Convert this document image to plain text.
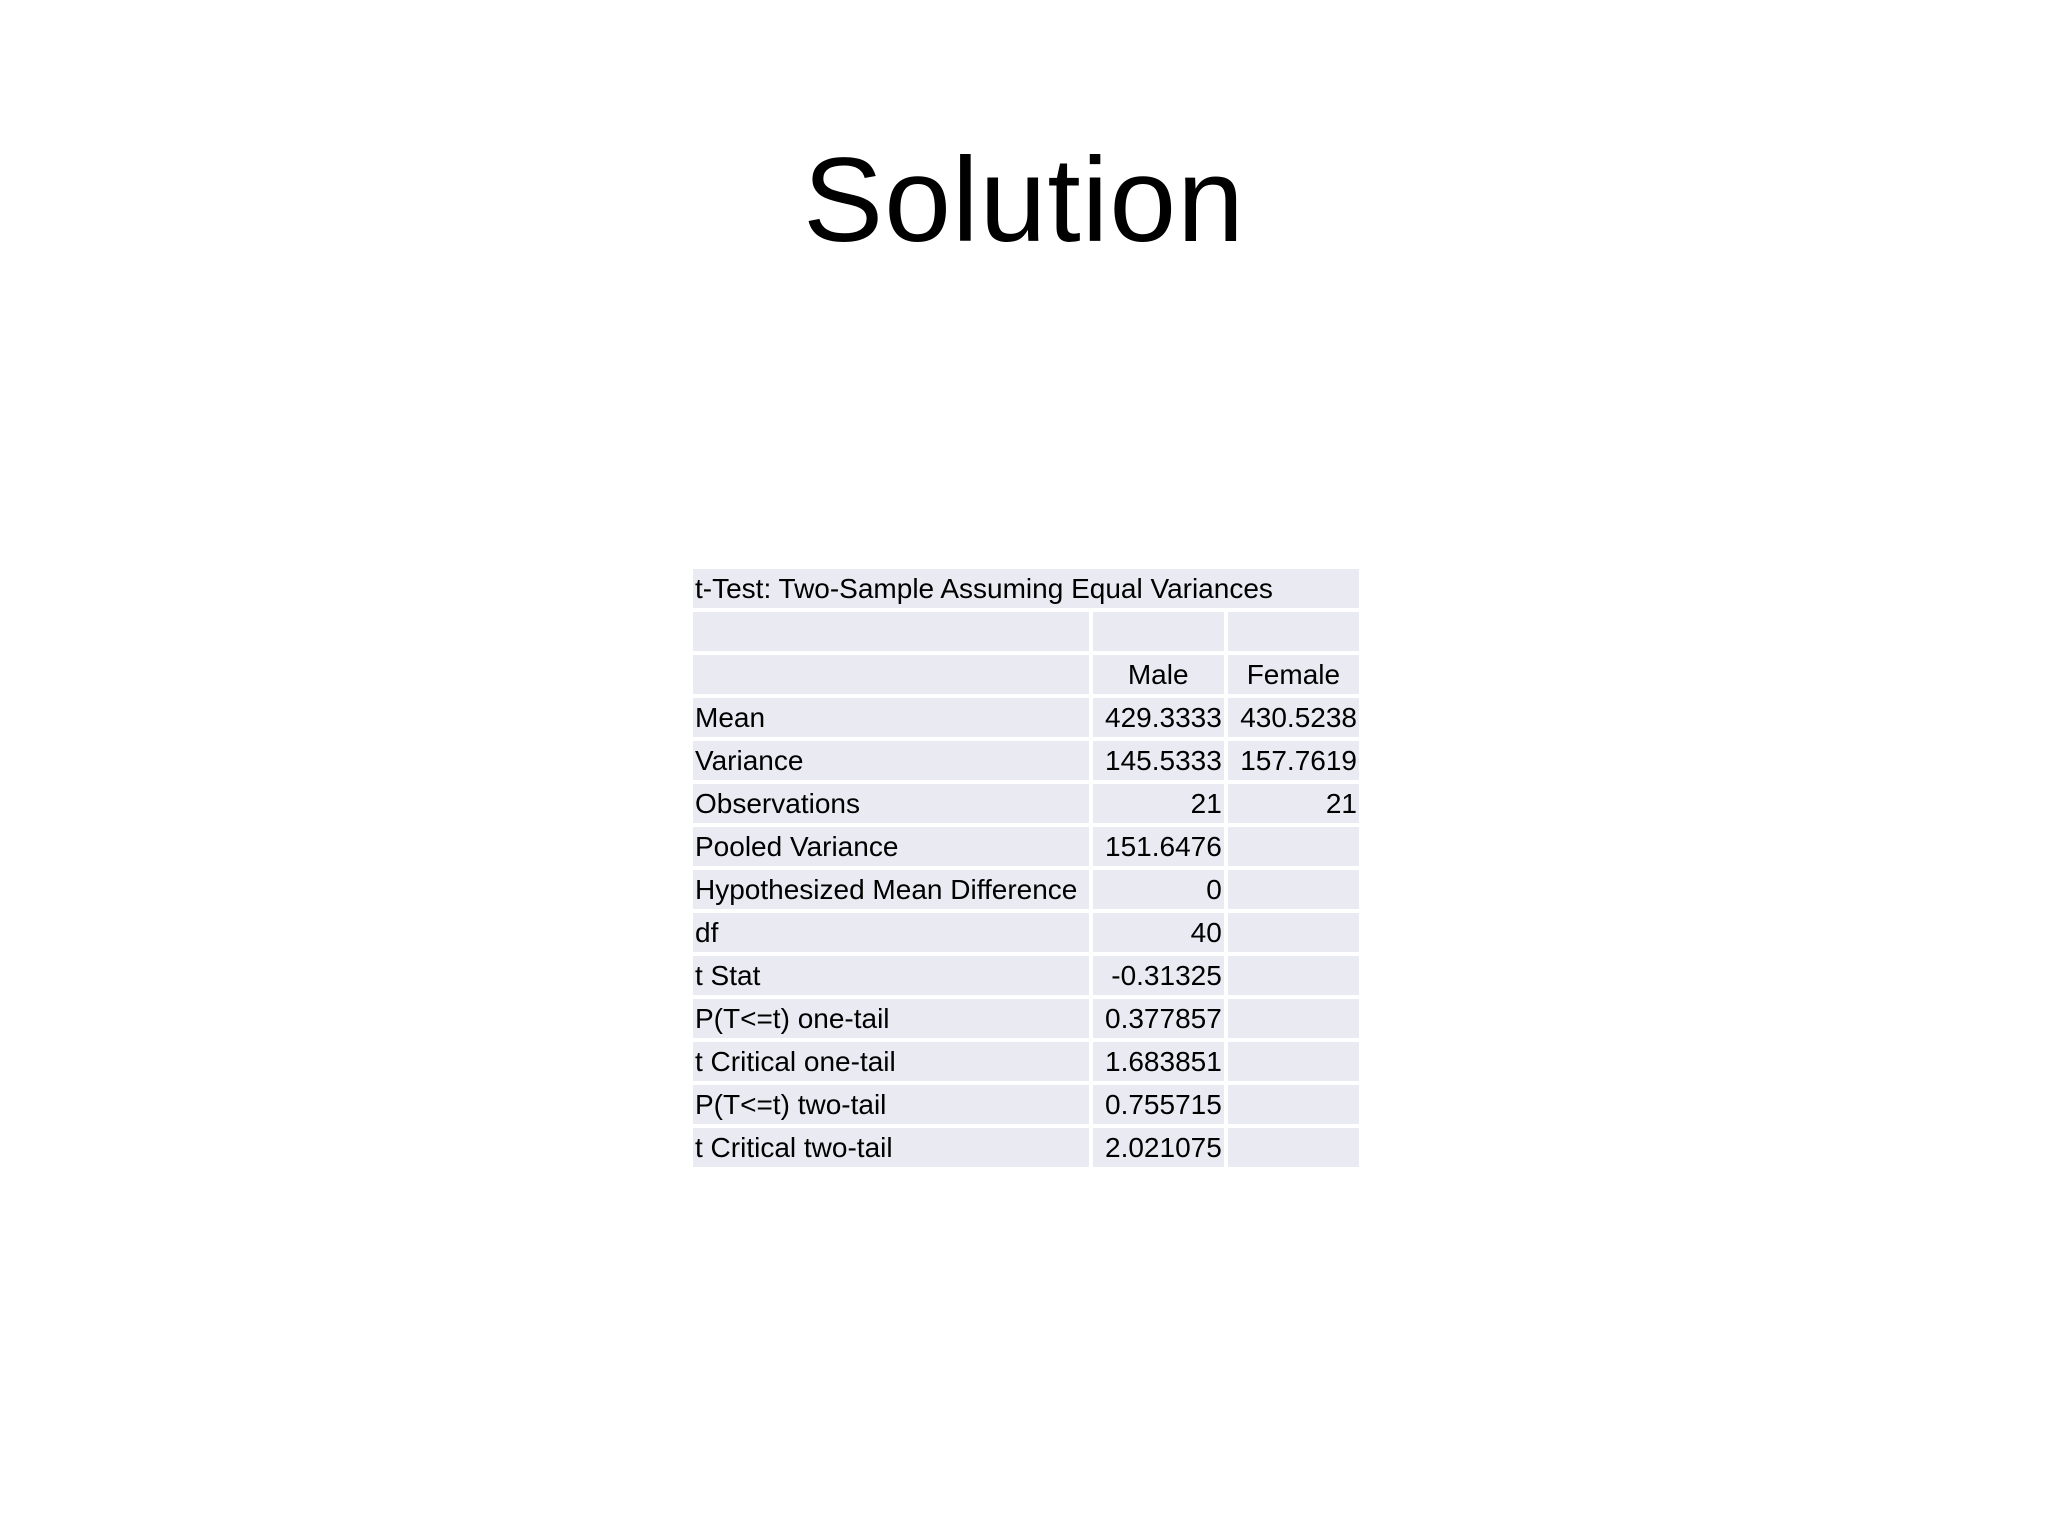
Solution
t-Test: Two-Sample Assuming Equal Variances		

	Male	Female
Mean	429.3333	430.5238
Variance	145.5333	157.7619
Observations	21	21
Pooled Variance	151.6476	
Hypothesized Mean Difference	0	
df	40	
t Stat	-0.31325	
P(T<=t) one-tail	0.377857	
t Critical one-tail	1.683851	
P(T<=t) two-tail	0.755715	
t Critical two-tail	2.021075	
